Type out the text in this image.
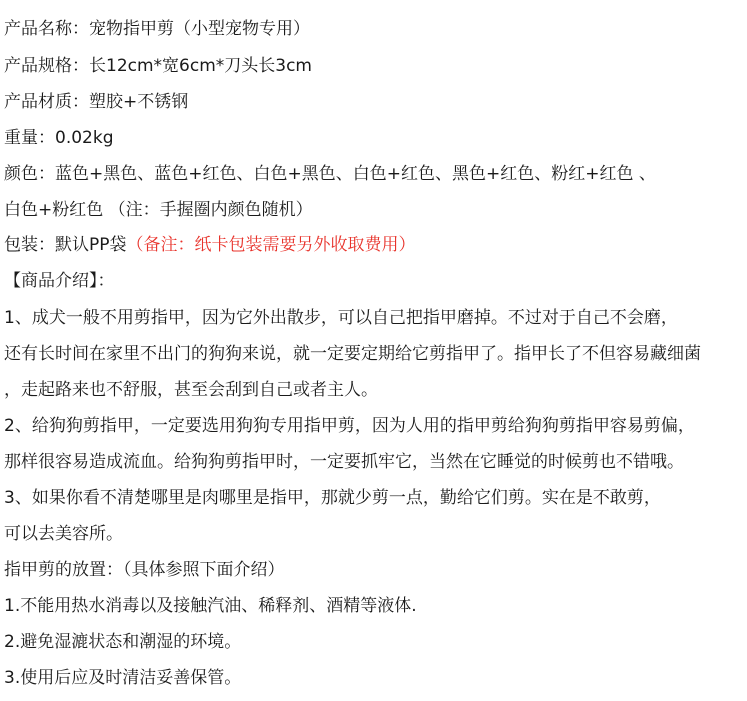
产品名称：宠物指甲剪（小型宠物专用）
产品规格：长12cm*宽6cm*刀头长3cm
产品材质：塑胶+不锈钢
重量：0.02kg
颜色：蓝色+黑色、蓝色+红色、白色+黑色、白色+红色、黑色+红色、粉红+红色 、
白色+粉红色 （注：手握圈内颜色随机）
包装：默认PP袋（备注：纸卡包装需要另外收取费用）
【商品介绍】：
1、成犬一般不用剪指甲，因为它外出散步，可以自己把指甲磨掉。不过对于自己不会磨，
还有长时间在家里不出门的狗狗来说，就一定要定期给它剪指甲了。指甲长了不但容易藏细菌
，走起路来也不舒服，甚至会刮到自己或者主人。
2、给狗狗剪指甲，一定要选用狗狗专用指甲剪，因为人用的指甲剪给狗狗剪指甲容易剪偏，
那样很容易造成流血。给狗狗剪指甲时，一定要抓牢它，当然在它睡觉的时候剪也不错哦。
3、如果你看不清楚哪里是肉哪里是指甲，那就少剪一点，勤给它们剪。实在是不敢剪，
可以去美容所。
指甲剪的放置：（具体参照下面介绍）
1.不能用热水消毒以及接触汽油、稀释剂、酒精等液体.
2.避免湿漉状态和潮湿的环境。
3.使用后应及时清洁妥善保管。
